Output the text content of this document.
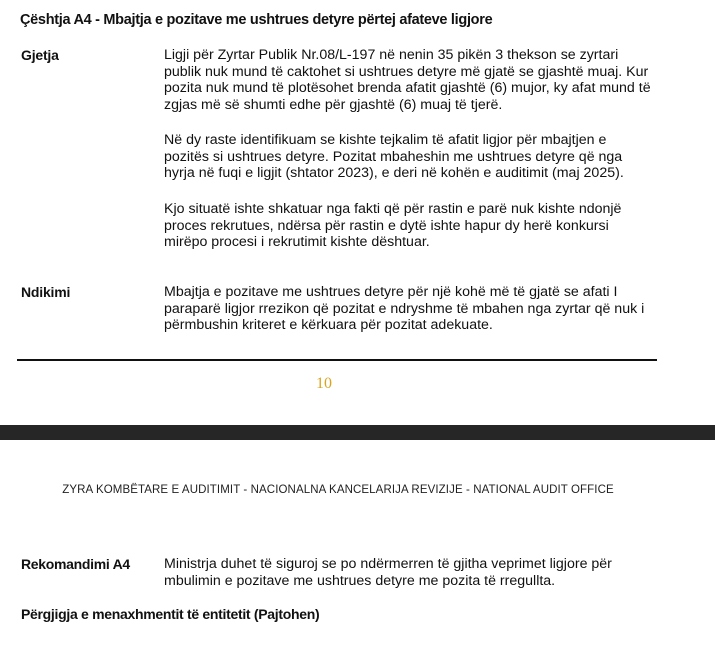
Çështja A4 - Mbajtja e pozitave me ushtrues detyre përtej afateve ligjore
Gjetja	Ligji për Zyrtar Publik Nr.08/L-197 në nenin 35 pikën 3 thekson se zyrtari publik nuk mund të caktohet si ushtrues detyre më gjatë se gjashtë muaj. Kur pozita nuk mund të plotësohet brenda afatit gjashtë (6) mujor, ky afat mund të zgjas më së shumti edhe për gjashtë (6) muaj të tjerë.
Në dy raste identifikuam se kishte tejkalim të afatit ligjor për mbajtjen e pozitës si ushtrues detyre. Pozitat mbaheshin me ushtrues detyre që nga hyrja në fuqi e ligjit (shtator 2023), e deri në kohën e auditimit (maj 2025).
Kjo situatë ishte shkatuar nga fakti që për rastin e parë nuk kishte ndonjë proces rekrutues, ndërsa për rastin e dytë ishte hapur dy herë konkursi mirëpo procesi i rekrutimit kishte dështuar.
Ndikimi	Mbajtja e pozitave me ushtrues detyre për një kohë më të gjatë se afati I paraparë ligjor rrezikon që pozitat e ndryshme të mbahen nga zyrtar që nuk i përmbushin kriteret e kërkuara për pozitat adekuate.
10
ZYRA KOMBËTARE E AUDITIMIT - NACIONALNA KANCELARIJA REVIZIJE - NATIONAL AUDIT OFFICE
Rekomandimi A4 Ministrja duhet të siguroj se po ndërmerren të gjitha veprimet ligjore për mbulimin e pozitave me ushtrues detyre me pozita të rregullta.
Përgjigja e menaxhmentit të entitetit (Pajtohen)
